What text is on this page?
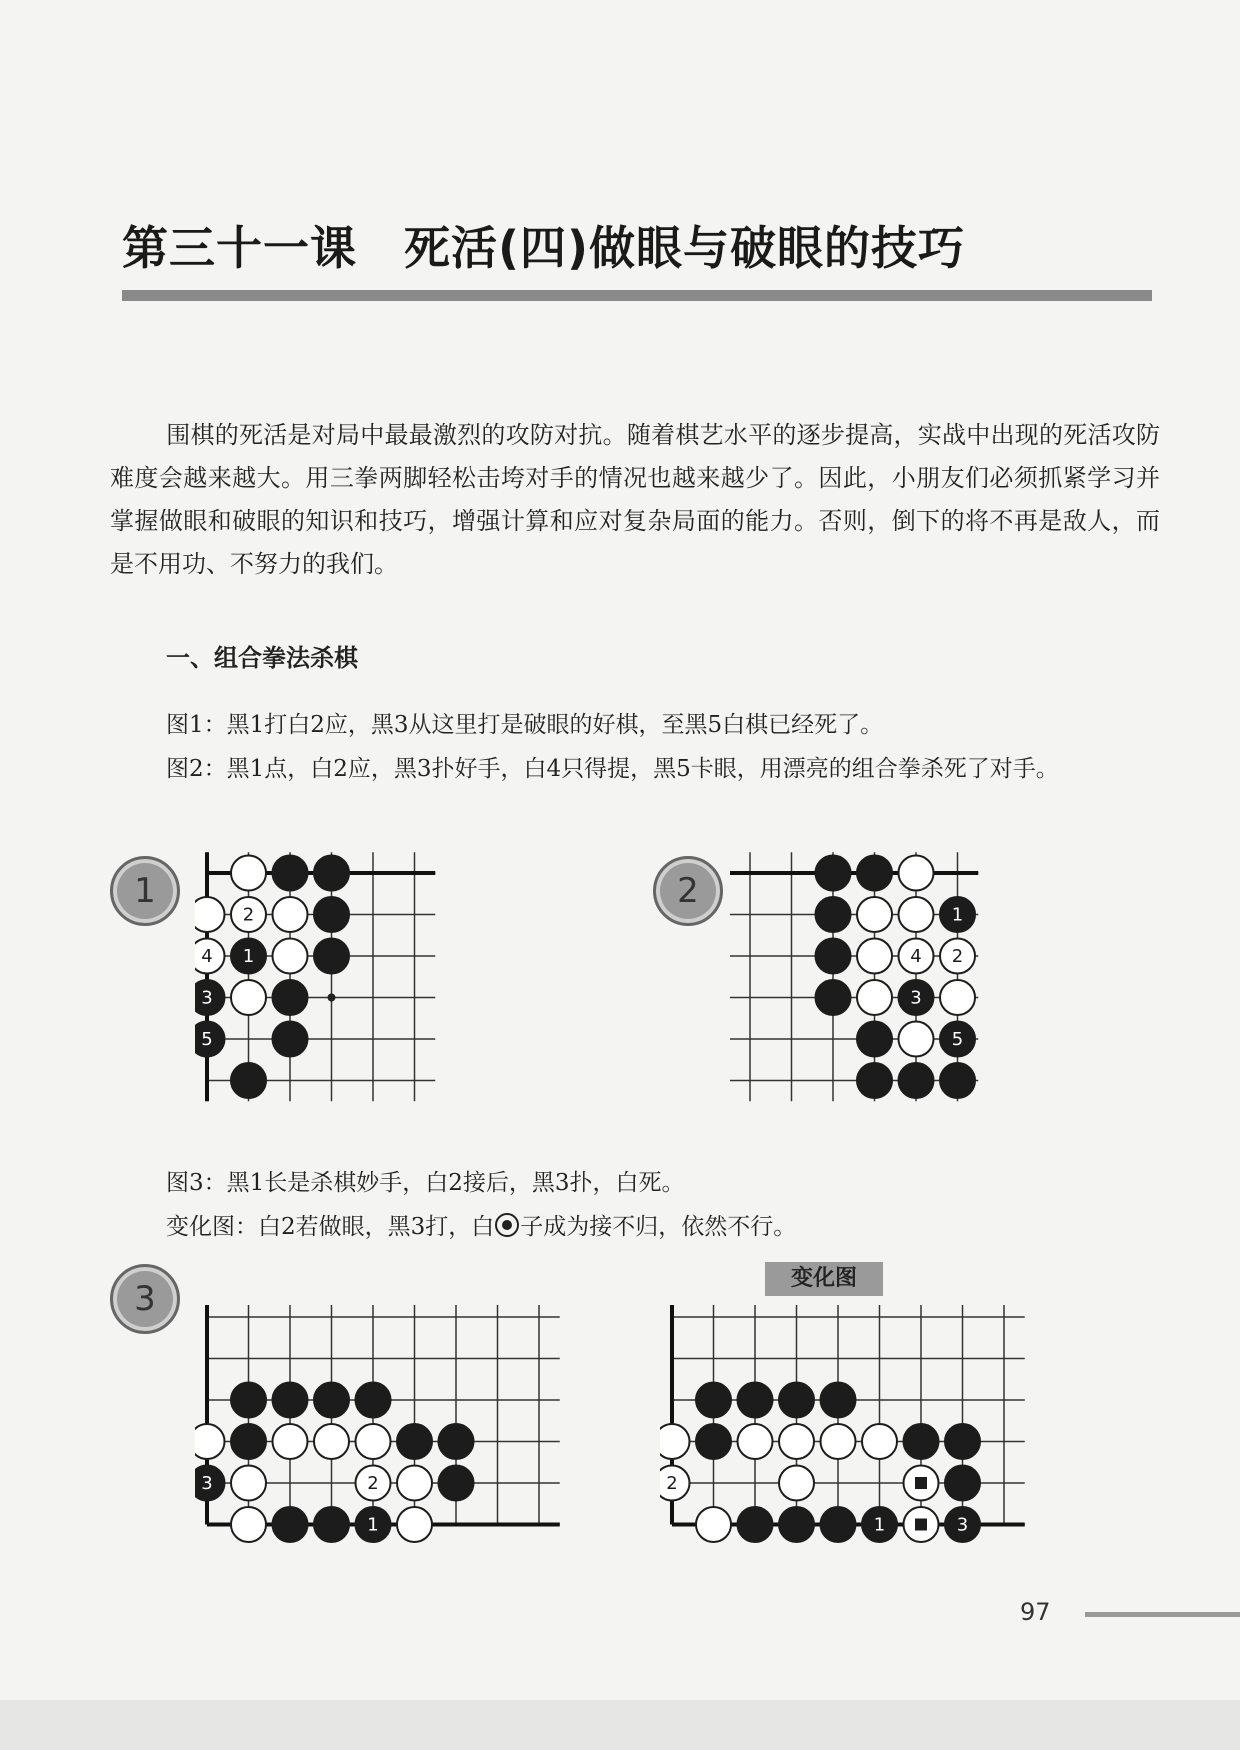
第三十一课　死活(四)做眼与破眼的技巧
围棋的死活是对局中最最激烈的攻防对抗。随着棋艺水平的逐步提高，实战中出现的死活攻防难度会越来越大。用三拳两脚轻松击垮对手的情况也越来越少了。因此，小朋友们必须抓紧学习并掌握做眼和破眼的知识和技巧，增强计算和应对复杂局面的能力。否则，倒下的将不再是敌人，而是不用功、不努力的我们。
一、组合拳法杀棋
图1：黑1打白2应，黑3从这里打是破眼的好棋，至黑5白棋已经死了。
图2：黑1点，白2应，黑3扑好手，白4只得提，黑5卡眼，用漂亮的组合拳杀死了对手。
1	2
2
4 1
3
5
1
4 2
3
5
图3：黑1长是杀棋妙手，白2接后，黑3扑，白死。
变化图：白2若做眼，黑3打，白 子成为接不归，依然不行。
3
变化图
3	2
1
2
1	3
97
